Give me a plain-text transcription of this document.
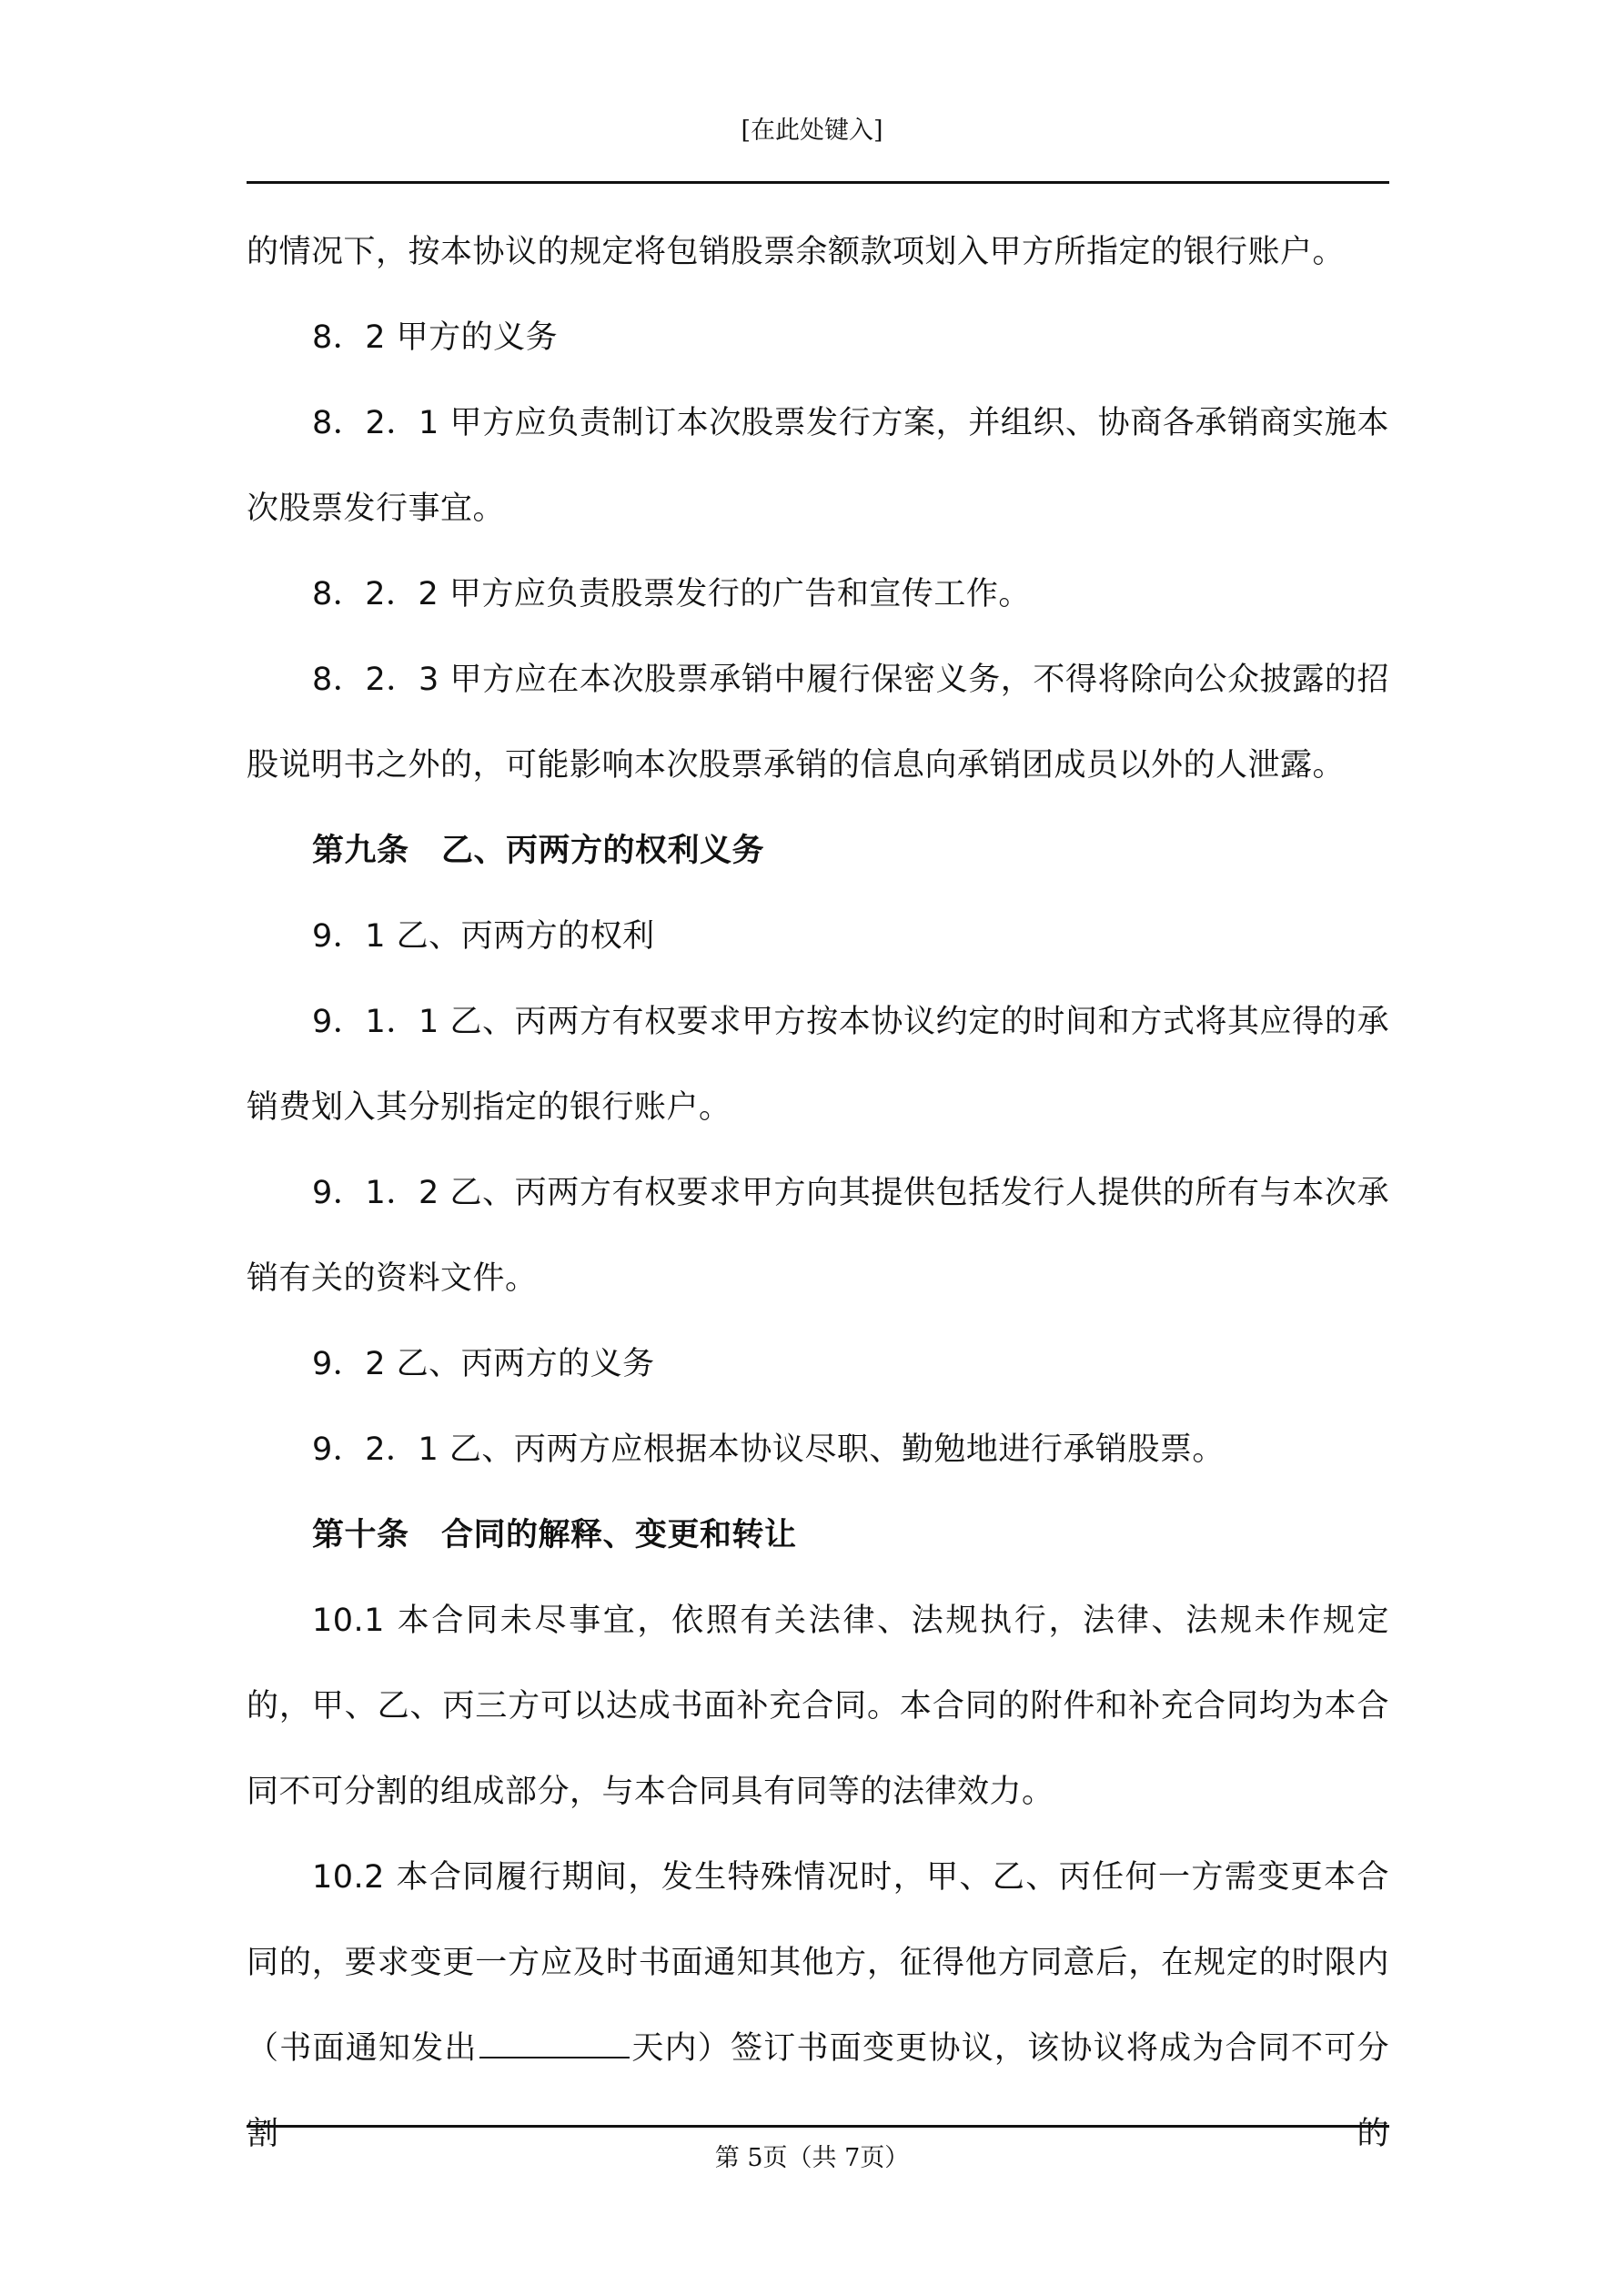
[在此处键入]

的情况下，按本协议的规定将包销股票余额款项划入甲方所指定的银行账户。

8．2 甲方的义务

8．2．1 甲方应负责制订本次股票发行方案，并组织、协商各承销商实施本次股票发行事宜。

8．2．2 甲方应负责股票发行的广告和宣传工作。

8．2．3 甲方应在本次股票承销中履行保密义务，不得将除向公众披露的招股说明书之外的，可能影响本次股票承销的信息向承销团成员以外的人泄露。

第九条　乙、丙两方的权利义务

9．1 乙、丙两方的权利

9．1．1 乙、丙两方有权要求甲方按本协议约定的时间和方式将其应得的承销费划入其分别指定的银行账户。

9．1．2 乙、丙两方有权要求甲方向其提供包括发行人提供的所有与本次承销有关的资料文件。

9．2 乙、丙两方的义务

9．2．1 乙、丙两方应根据本协议尽职、勤勉地进行承销股票。

第十条　合同的解释、变更和转让

10.1 本合同未尽事宜，依照有关法律、法规执行，法律、法规未作规定的，甲、乙、丙三方可以达成书面补充合同。本合同的附件和补充合同均为本合同不可分割的组成部分，与本合同具有同等的法律效力。

10.2 本合同履行期间，发生特殊情况时，甲、乙、丙任何一方需变更本合同的，要求变更一方应及时书面通知其他方，征得他方同意后，在规定的时限内（书面通知发出	天内）签订书面变更协议，该协议将成为合同不可分割的

第 5页（共 7页）
